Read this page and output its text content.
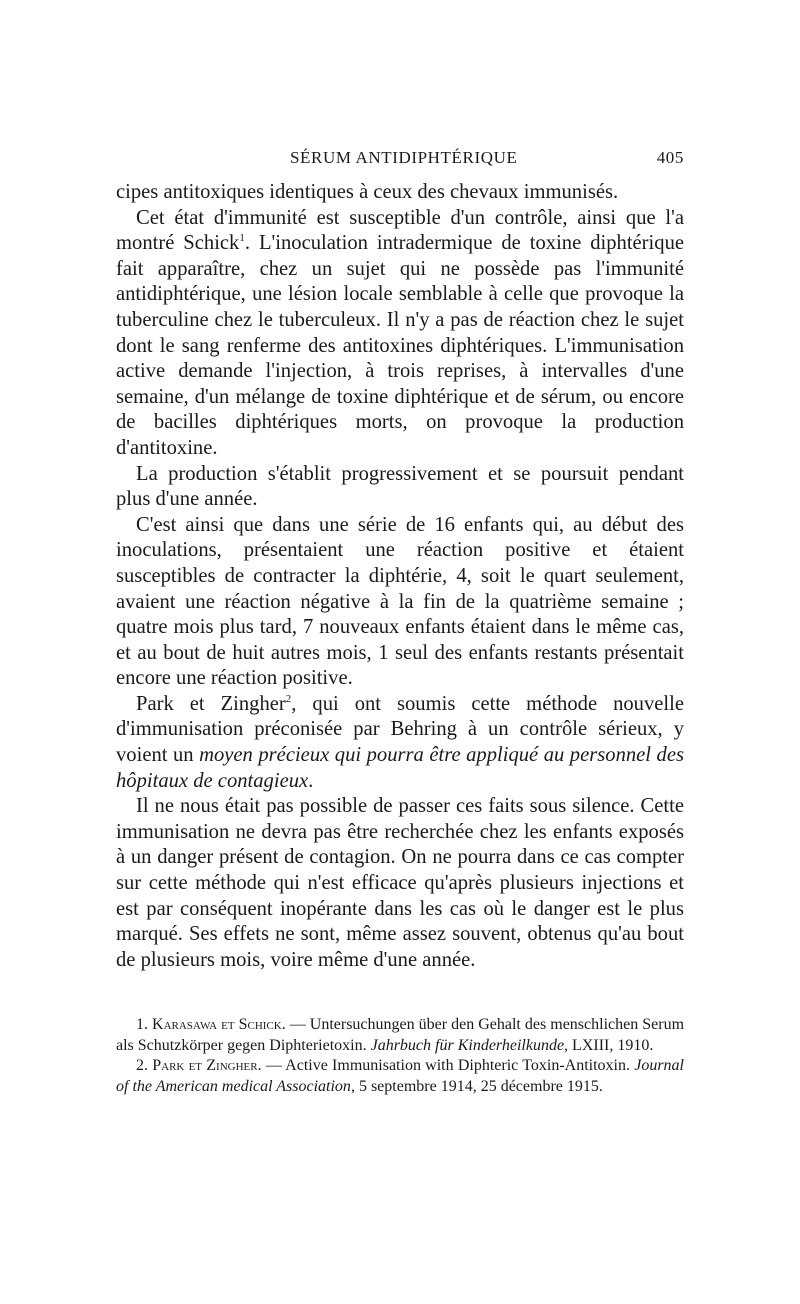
SÉRUM ANTIDIPHTÉRIQUE	405

cipes antitoxiques identiques à ceux des chevaux immunisés.

Cet état d'immunité est susceptible d'un contrôle, ainsi que l'a montré Schick$^1$. L'inoculation intradermique de toxine diphtérique fait apparaître, chez un sujet qui ne possède pas l'immunité antidiphtérique, une lésion locale semblable à celle que provoque la tuberculine chez le tuberculeux. Il n'y a pas de réaction chez le sujet dont le sang renferme des antitoxines diphtériques. L'immunisation active demande l'injection, à trois reprises, à intervalles d'une semaine, d'un mélange de toxine diphtérique et de sérum, ou encore de bacilles diphtériques morts, on provoque la production d'antitoxine.

La production s'établit progressivement et se poursuit pendant plus d'une année.

C'est ainsi que dans une série de 16 enfants qui, au début des inoculations, présentaient une réaction positive et étaient susceptibles de contracter la diphtérie, 4, soit le quart seulement, avaient une réaction négative à la fin de la quatrième semaine ; quatre mois plus tard, 7 nouveaux enfants étaient dans le même cas, et au bout de huit autres mois, 1 seul des enfants restants présentait encore une réaction positive.

Park et Zingher$^2$, qui ont soumis cette méthode nouvelle d'immunisation préconisée par Behring à un contrôle sérieux, y voient un moyen précieux qui pourra être appliqué au personnel des hôpitaux de contagieux.

Il ne nous était pas possible de passer ces faits sous silence. Cette immunisation ne devra pas être recherchée chez les enfants exposés à un danger présent de contagion. On ne pourra dans ce cas compter sur cette méthode qui n'est efficace qu'après plusieurs injections et est par conséquent inopérante dans les cas où le danger est le plus marqué. Ses effets ne sont, même assez souvent, obtenus qu'au bout de plusieurs mois, voire même d'une année.

1. Karasawa et Schick. — Untersuchungen über den Gehalt des menschlichen Serum als Schutzkörper gegen Diphterietoxin. Jahrbuch für Kinderheilkunde, LXIII, 1910.

2. Park et Zingher. — Active Immunisation with Diphteric Toxin-Antitoxin. Journal of the American medical Association, 5 septembre 1914, 25 décembre 1915.
